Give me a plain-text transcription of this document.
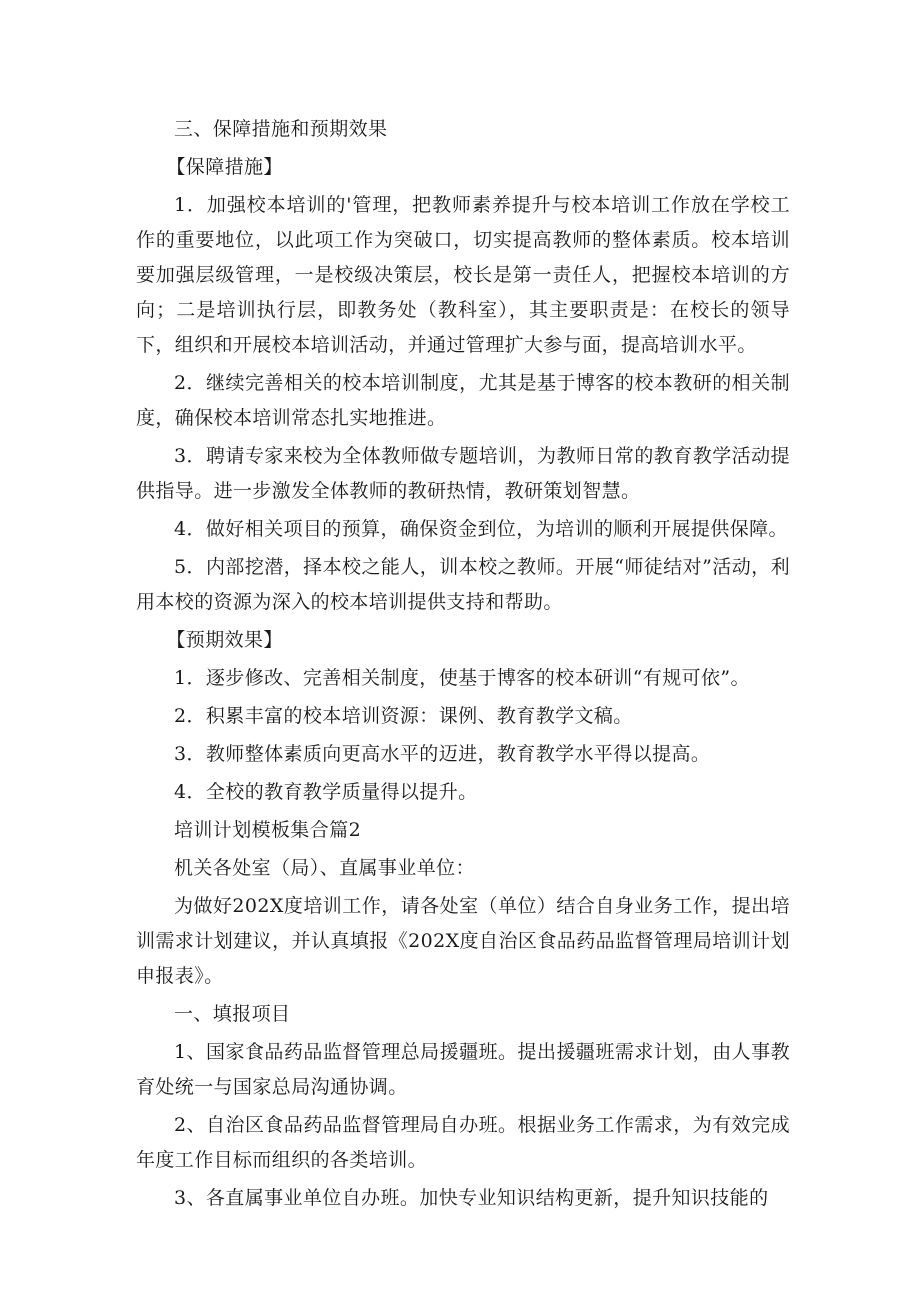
三、保障措施和预期效果

【保障措施】

1．加强校本培训的'管理，把教师素养提升与校本培训工作放在学校工作的重要地位，以此项工作为突破口，切实提高教师的整体素质。校本培训要加强层级管理，一是校级决策层，校长是第一责任人，把握校本培训的方向；二是培训执行层，即教务处（教科室），其主要职责是：在校长的领导下，组织和开展校本培训活动，并通过管理扩大参与面，提高培训水平。

2．继续完善相关的校本培训制度，尤其是基于博客的校本教研的相关制度，确保校本培训常态扎实地推进。

3．聘请专家来校为全体教师做专题培训，为教师日常的教育教学活动提供指导。进一步激发全体教师的教研热情，教研策划智慧。

4．做好相关项目的预算，确保资金到位，为培训的顺利开展提供保障。

5．内部挖潜，择本校之能人，训本校之教师。开展“师徒结对”活动，利用本校的资源为深入的校本培训提供支持和帮助。

【预期效果】

1．逐步修改、完善相关制度，使基于博客的校本研训“有规可依”。

2．积累丰富的校本培训资源：课例、教育教学文稿。

3．教师整体素质向更高水平的迈进，教育教学水平得以提高。

4．全校的教育教学质量得以提升。

培训计划模板集合篇2

机关各处室（局）、直属事业单位：

为做好202X度培训工作，请各处室（单位）结合自身业务工作，提出培训需求计划建议，并认真填报《202X度自治区食品药品监督管理局培训计划申报表》。

一、填报项目

1、国家食品药品监督管理总局援疆班。提出援疆班需求计划，由人事教育处统一与国家总局沟通协调。

2、自治区食品药品监督管理局自办班。根据业务工作需求，为有效完成年度工作目标而组织的各类培训。

3、各直属事业单位自办班。加快专业知识结构更新，提升知识技能的
